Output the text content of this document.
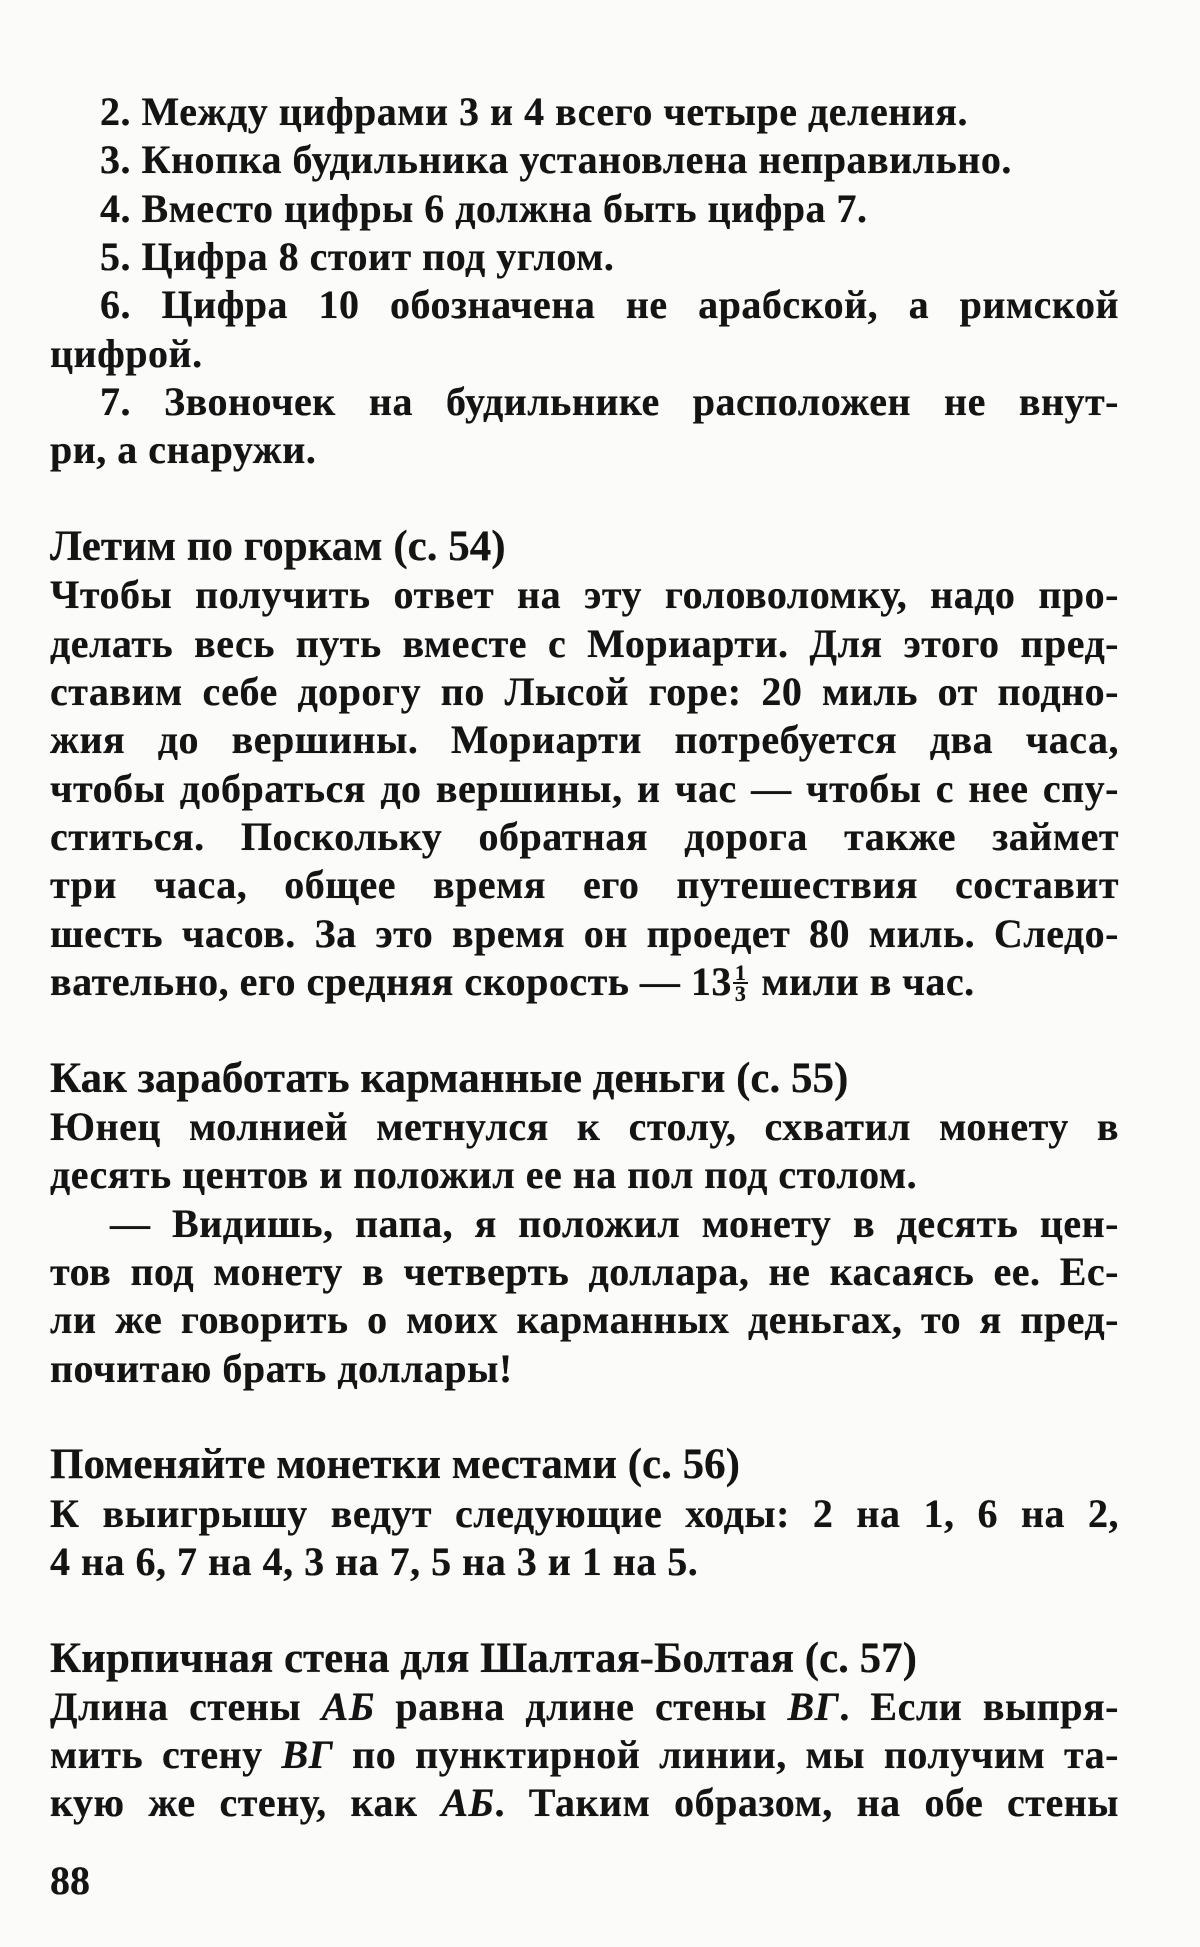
2. Между цифрами 3 и 4 всего четыре деления.
3. Кнопка будильника установлена неправильно.
4. Вместо цифры 6 должна быть цифра 7.
5. Цифра 8 стоит под углом.
6. Цифра 10 обозначена не арабской, а римской
цифрой.
7. Звоночек на будильнике расположен не внут-
ри, а снаружи.
Летим по горкам (с. 54)
Чтобы получить ответ на эту головоломку, надо про-
делать весь путь вместе с Мориарти. Для этого пред-
ставим себе дорогу по Лысой горе: 20 миль от подно-
жия до вершины. Мориарти потребуется два часа,
чтобы добраться до вершины, и час — чтобы с нее спу-
ститься. Поскольку обратная дорога также займет
три часа, общее время его путешествия составит
шесть часов. За это время он проедет 80 миль. Следо-
вательно, его средняя скорость — $13 \frac{1}{3}$ мили в час.
Как заработать карманные деньги (с. 55)
Юнец молнией метнулся к столу, схватил монету в
десять центов и положил ее на пол под столом.
— Видишь, папа, я положил монету в десять цен-
тов под монету в четверть доллара, не касаясь ее. Ес-
ли же говорить о моих карманных деньгах, то я пред-
почитаю брать доллары!
Поменяйте монетки местами (с. 56)
К выигрышу ведут следующие ходы: 2 на 1, 6 на 2,
4 на 6, 7 на 4, 3 на 7, 5 на 3 и 1 на 5.
Кирпичная стена для Шалтая-Болтая (с. 57)
Длина стены АБ равна длине стены ВГ. Если выпря-
мить стену ВГ по пунктирной линии, мы получим та-
кую же стену, как АБ. Таким образом, на обе стены
88
